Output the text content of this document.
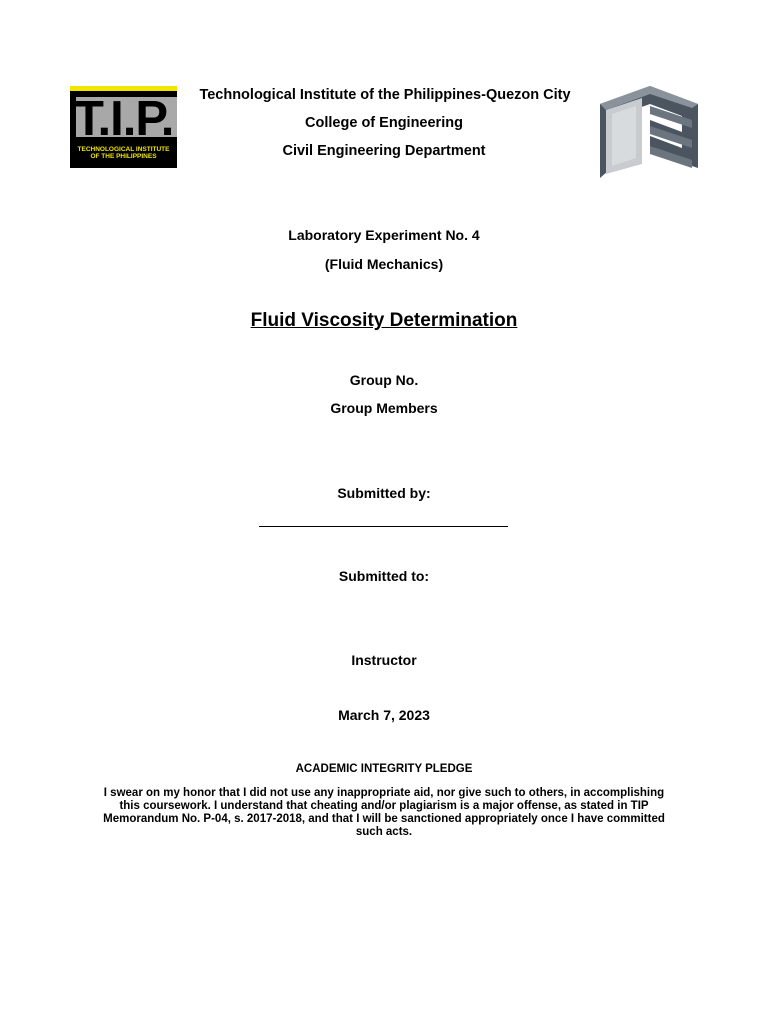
T.I.P.
TECHNOLOGICAL INSTITUTE
OF THE PHILIPPINES
Technological Institute of the Philippines-Quezon City
College of Engineering
Civil Engineering Department
Laboratory Experiment No. 4
(Fluid Mechanics)
Fluid Viscosity Determination
Group No.
Group Members
Submitted by:
Submitted to:
Instructor
March 7, 2023
ACADEMIC INTEGRITY PLEDGE
I swear on my honor that I did not use any inappropriate aid, nor give such to others, in accomplishing this coursework. I understand that cheating and/or plagiarism is a major offense, as stated in TIP Memorandum No. P-04, s. 2017-2018, and that I will be sanctioned appropriately once I have committed such acts.
